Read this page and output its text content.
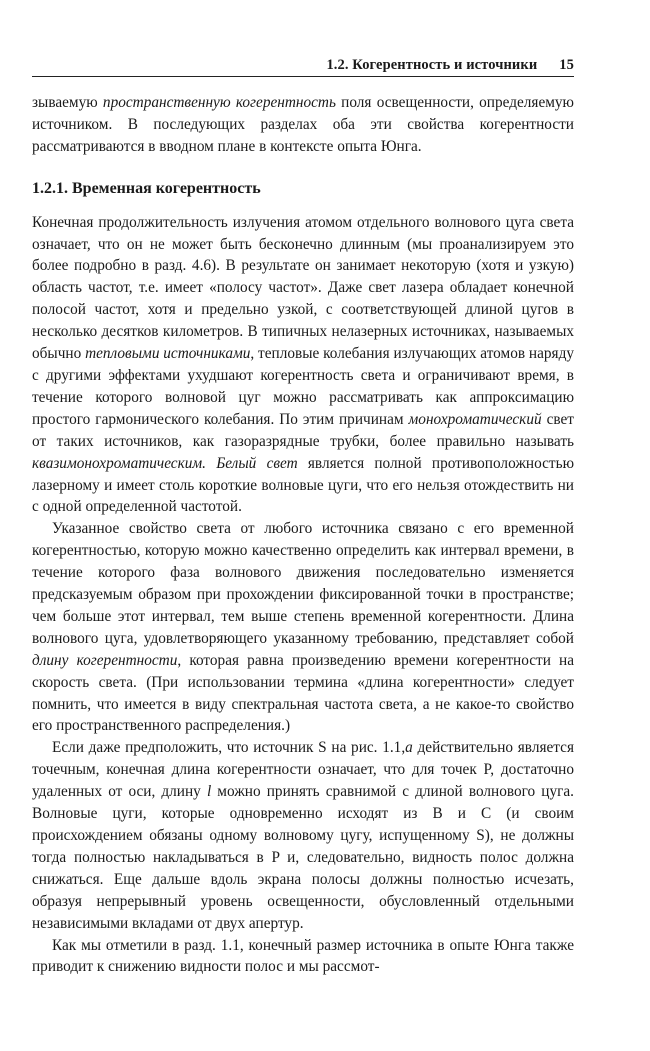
1.2. Когерентность и источники 15

зываемую пространственную когерентность поля освещенности, определяемую источником. В последующих разделах оба эти свойства когерентности рассматриваются в вводном плане в контексте опыта Юнга.

1.2.1. Временная когерентность

Конечная продолжительность излучения атомом отдельного волнового цуга света означает, что он не может быть бесконечно длинным (мы проанализируем это более подробно в разд. 4.6). В результате он занимает некоторую (хотя и узкую) область частот, т.е. имеет «полосу частот». Даже свет лазера обладает конечной полосой частот, хотя и предельно узкой, с соответствующей длиной цугов в несколько десятков километров. В типичных нелазерных источниках, называемых обычно тепловыми источниками, тепловые колебания излучающих атомов наряду с другими эффектами ухудшают когерентность света и ограничивают время, в течение которого волновой цуг можно рассматривать как аппроксимацию простого гармонического колебания. По этим причинам монохроматический свет от таких источников, как газоразрядные трубки, более правильно называть квазимонохроматическим. Белый свет является полной противоположностью лазерному и имеет столь короткие волновые цуги, что его нельзя отождествить ни с одной определенной частотой.

Указанное свойство света от любого источника связано с его временной когерентностью, которую можно качественно определить как интервал времени, в течение которого фаза волнового движения последовательно изменяется предсказуемым образом при прохождении фиксированной точки в пространстве; чем больше этот интервал, тем выше степень временной когерентности. Длина волнового цуга, удовлетворяющего указанному требованию, представляет собой длину когерентности, которая равна произведению времени когерентности на скорость света. (При использовании термина «длина когерентности» следует помнить, что имеется в виду спектральная частота света, а не какое-то свойство его пространственного распределения.)

Если даже предположить, что источник S на рис. 1.1,а действительно является точечным, конечная длина когерентности означает, что для точек P, достаточно удаленных от оси, длину l можно принять сравнимой с длиной волнового цуга. Волновые цуги, которые одновременно исходят из B и C (и своим происхождением обязаны одному волновому цугу, испущенному S), не должны тогда полностью накладываться в P и, следовательно, видность полос должна снижаться. Еще дальше вдоль экрана полосы должны полностью исчезать, образуя непрерывный уровень освещенности, обусловленный отдельными независимыми вкладами от двух апертур.

Как мы отметили в разд. 1.1, конечный размер источника в опыте Юнга также приводит к снижению видности полос и мы рассмот-
